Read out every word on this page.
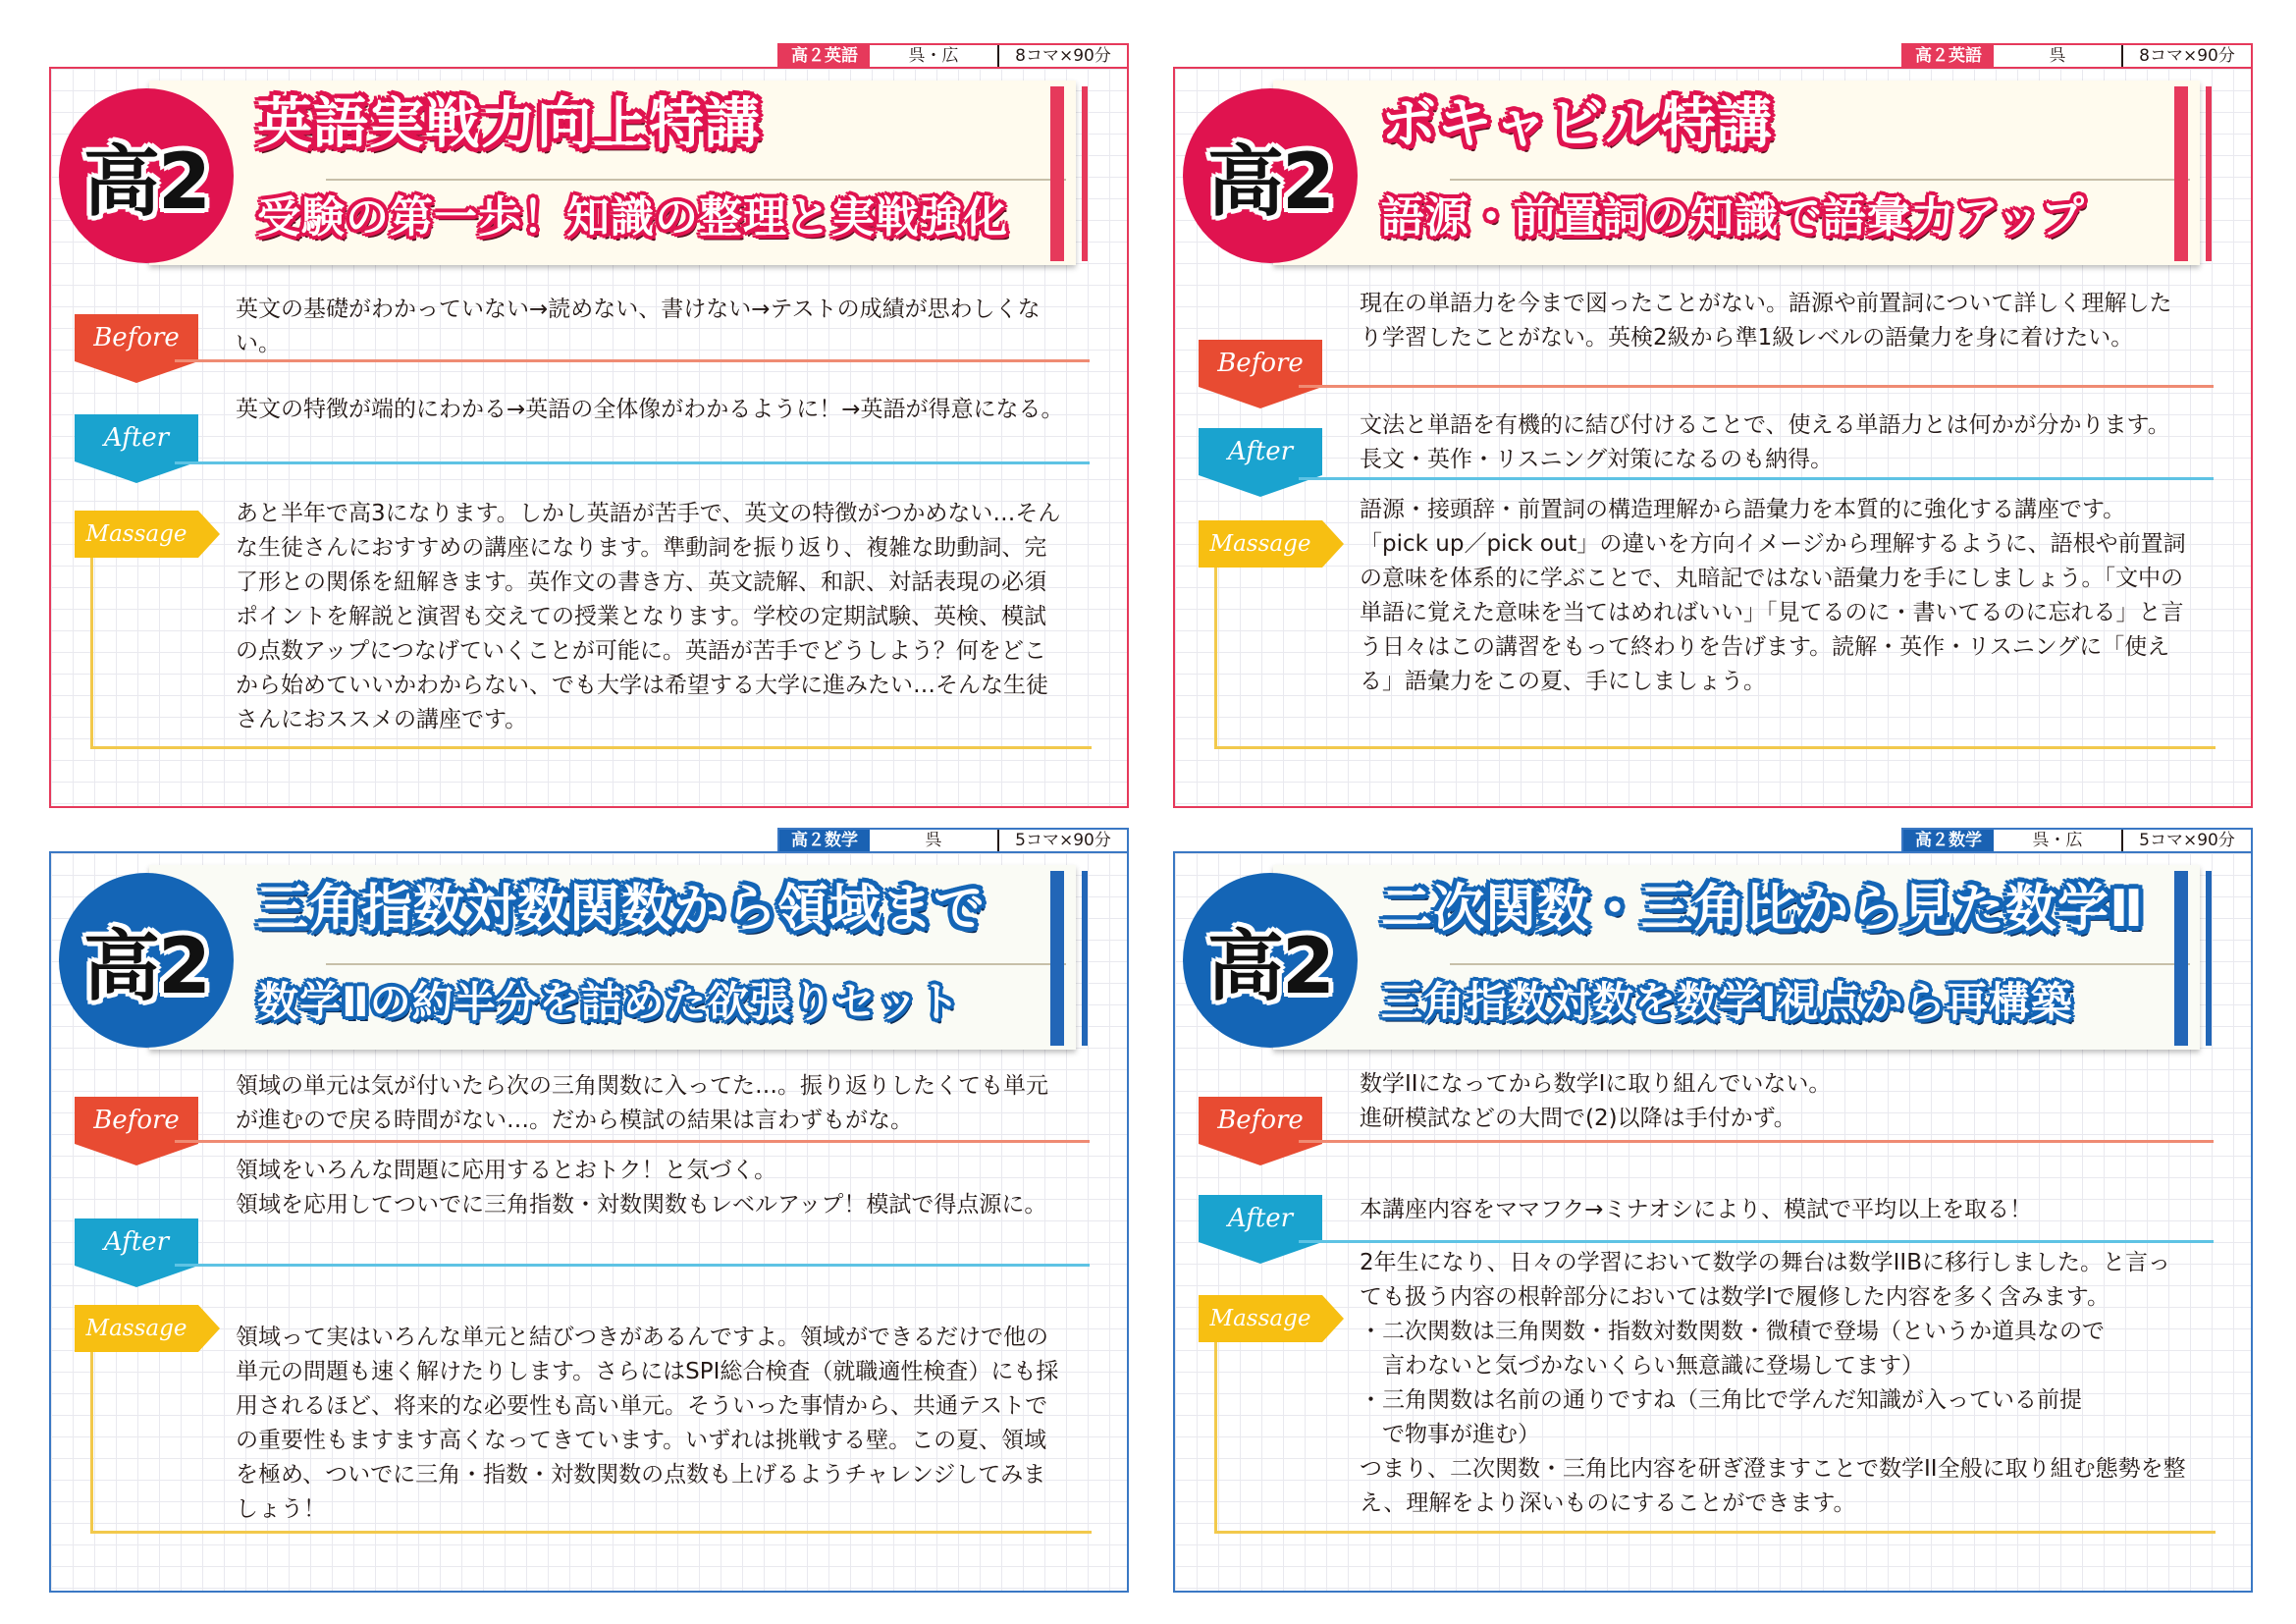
高２英語	呉・広	8コマ×90分
高2
英語実戦力向上特講
受験の第一歩！知識の整理と実戦強化
Before
英文の基礎がわかっていない→読めない、書けない→テストの成績が思わしくない。
After
英文の特徴が端的にわかる→英語の全体像がわかるように！→英語が得意になる。
Massage
あと半年で高3になります。しかし英語が苦手で、英文の特徴がつかめない…そんな生徒さんにおすすめの講座になります。準動詞を振り返り、複雑な助動詞、完了形との関係を紐解きます。英作文の書き方、英文読解、和訳、対話表現の必須ポイントを解説と演習も交えての授業となります。学校の定期試験、英検、模試の点数アップにつなげていくことが可能に。英語が苦手でどうしよう？何をどこから始めていいかわからない、でも大学は希望する大学に進みたい…そんな生徒さんにおススメの講座です。
高２英語	呉	8コマ×90分
高2
ボキャビル特講
語源・前置詞の知識で語彙力アップ
Before
現在の単語力を今まで図ったことがない。語源や前置詞について詳しく理解したり学習したことがない。英検2級から準1級レベルの語彙力を身に着けたい。
After
文法と単語を有機的に結び付けることで、使える単語力とは何かが分かります。長文・英作・リスニング対策になるのも納得。
Massage
語源・接頭辞・前置詞の構造理解から語彙力を本質的に強化する講座です。
「pick up／pick out」の違いを方向イメージから理解するように、語根や前置詞の意味を体系的に学ぶことで、丸暗記ではない語彙力を手にしましょう。「文中の単語に覚えた意味を当てはめればいい」「見てるのに・書いてるのに忘れる」と言う日々はこの講習をもって終わりを告げます。読解・英作・リスニングに「使える」語彙力をこの夏、手にしましょう。
高２数学	呉	5コマ×90分
高2
三角指数対数関数から領域まで
数学Ⅱの約半分を詰めた欲張りセット
Before
領域の単元は気が付いたら次の三角関数に入ってた…。振り返りしたくても単元が進むので戻る時間がない…。だから模試の結果は言わずもがな。
After
領域をいろんな問題に応用するとおトク！と気づく。
領域を応用してついでに三角指数・対数関数もレベルアップ！模試で得点源に。
Massage 領域って実はいろんな単元と結びつきがあるんですよ。領域ができるだけで他の単元の問題も速く解けたりします。さらにはSPI総合検査（就職適性検査）にも採用されるほど、将来的な必要性も高い単元。そういった事情から、共通テストでの重要性もますます高くなってきています。いずれは挑戦する壁。この夏、領域を極め、ついでに三角・指数・対数関数の点数も上げるようチャレンジしてみましょう！
高２数学	呉・広	5コマ×90分
高2
二次関数・三角比から見た数学Ⅱ
三角指数対数を数学Ⅰ視点から再構築
Before
数学IIになってから数学Iに取り組んでいない。
進研模試などの大問で(2)以降は手付かず。
After	本講座内容をママフク→ミナオシにより、模試で平均以上を取る！
Massage
2年生になり、日々の学習において数学の舞台は数学IIBに移行しました。と言っても扱う内容の根幹部分においては数学Iで履修した内容を多く含みます。
・二次関数は三角関数・指数対数関数・微積で登場（というか道具なので
　言わないと気づかないくらい無意識に登場してます）
・三角関数は名前の通りですね（三角比で学んだ知識が入っている前提
　で物事が進む）
つまり、二次関数・三角比内容を研ぎ澄ますことで数学II全般に取り組む態勢を整え、理解をより深いものにすることができます。
